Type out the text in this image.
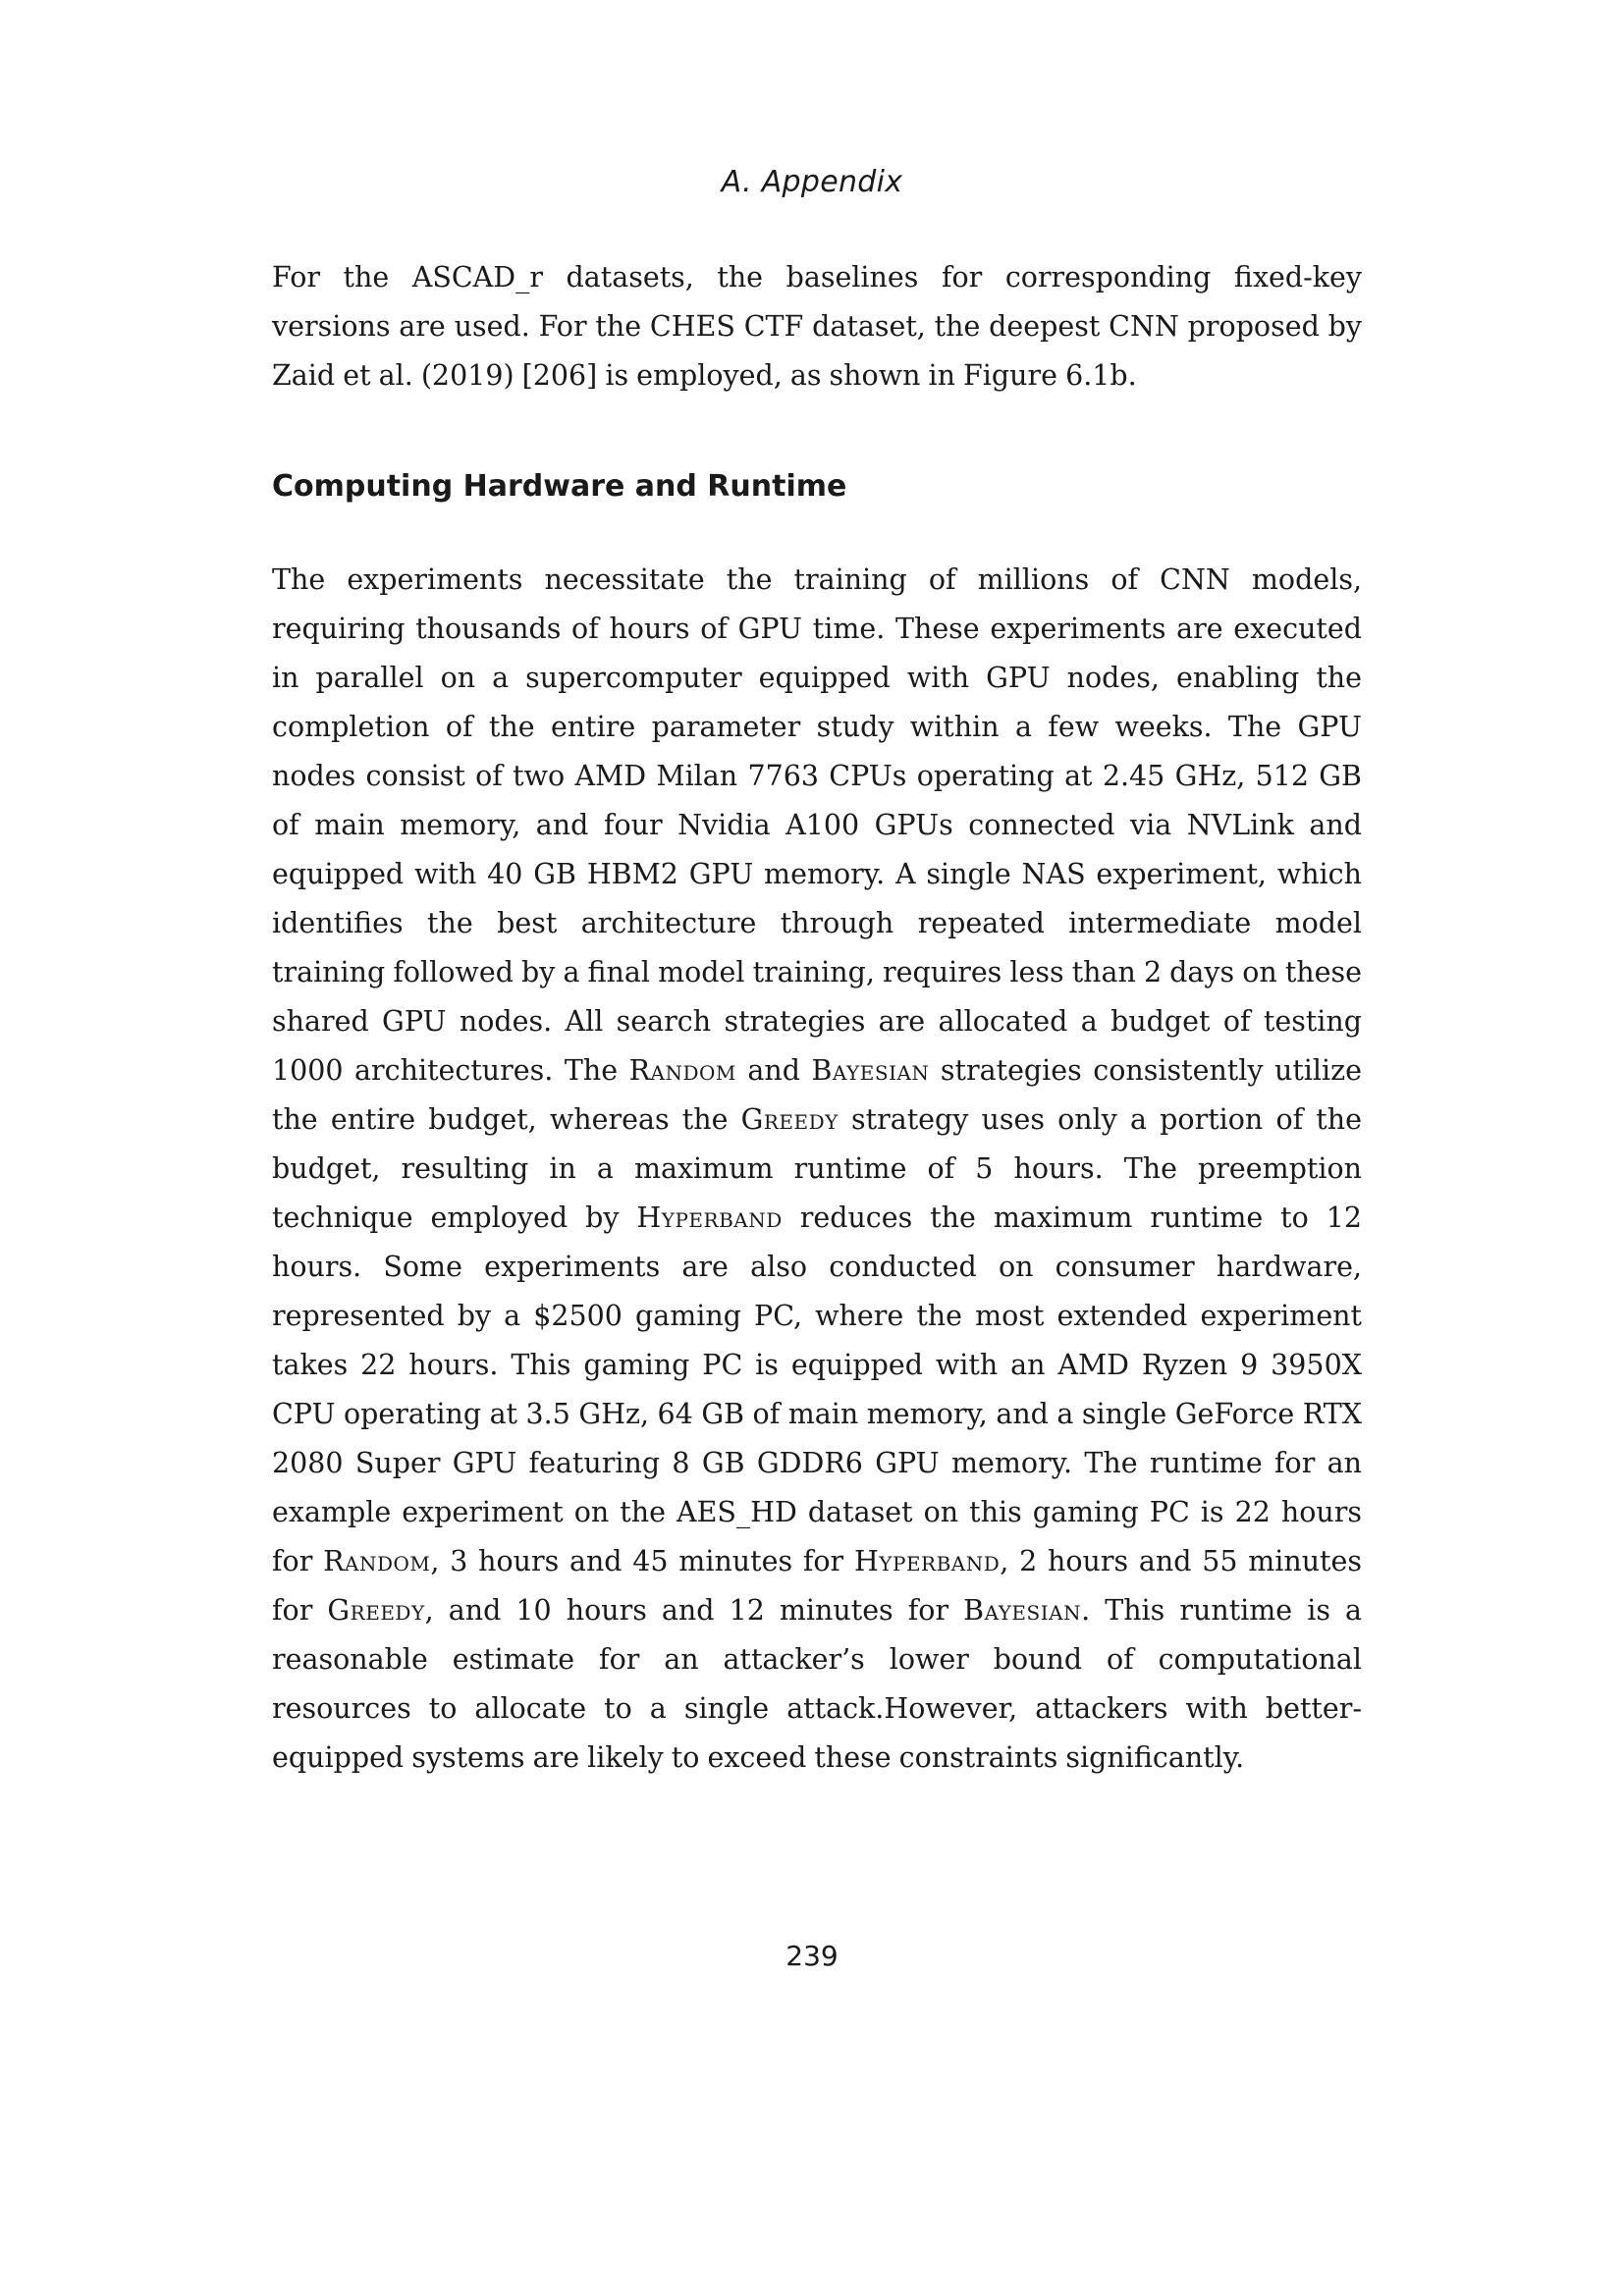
A. Appendix

For the ASCAD_r datasets, the baselines for corresponding fixed-key versions are used. For the CHES CTF dataset, the deepest CNN proposed by Zaid et al. (2019) [206] is employed, as shown in Figure 6.1b.

Computing Hardware and Runtime

The experiments necessitate the training of millions of CNN models, requiring thousands of hours of GPU time. These experiments are executed in parallel on a supercomputer equipped with GPU nodes, enabling the completion of the entire parameter study within a few weeks. The GPU nodes consist of two AMD Milan 7763 CPUs operating at 2.45 GHz, 512 GB of main memory, and four Nvidia A100 GPUs connected via NVLink and equipped with 40 GB HBM2 GPU memory. A single NAS experiment, which identifies the best architecture through repeated intermediate model training followed by a final model training, requires less than 2 days on these shared GPU nodes. All search strategies are allocated a budget of testing 1000 architectures. The Random and Bayesian strategies consistently utilize the entire budget, whereas the Greedy strategy uses only a portion of the budget, resulting in a maximum runtime of 5 hours. The preemption technique employed by Hyperband reduces the maximum runtime to 12 hours. Some experiments are also conducted on consumer hardware, represented by a $2500 gaming PC, where the most extended experiment takes 22 hours. This gaming PC is equipped with an AMD Ryzen 9 3950X CPU operating at 3.5 GHz, 64 GB of main memory, and a single GeForce RTX 2080 Super GPU featuring 8 GB GDDR6 GPU memory. The runtime for an example experiment on the AES_HD dataset on this gaming PC is 22 hours for Random, 3 hours and 45 minutes for Hyperband, 2 hours and 55 minutes for Greedy, and 10 hours and 12 minutes for Bayesian. This runtime is a reasonable estimate for an attacker’s lower bound of computational resources to allocate to a single attack.However, attackers with better-equipped systems are likely to exceed these constraints significantly.

239
